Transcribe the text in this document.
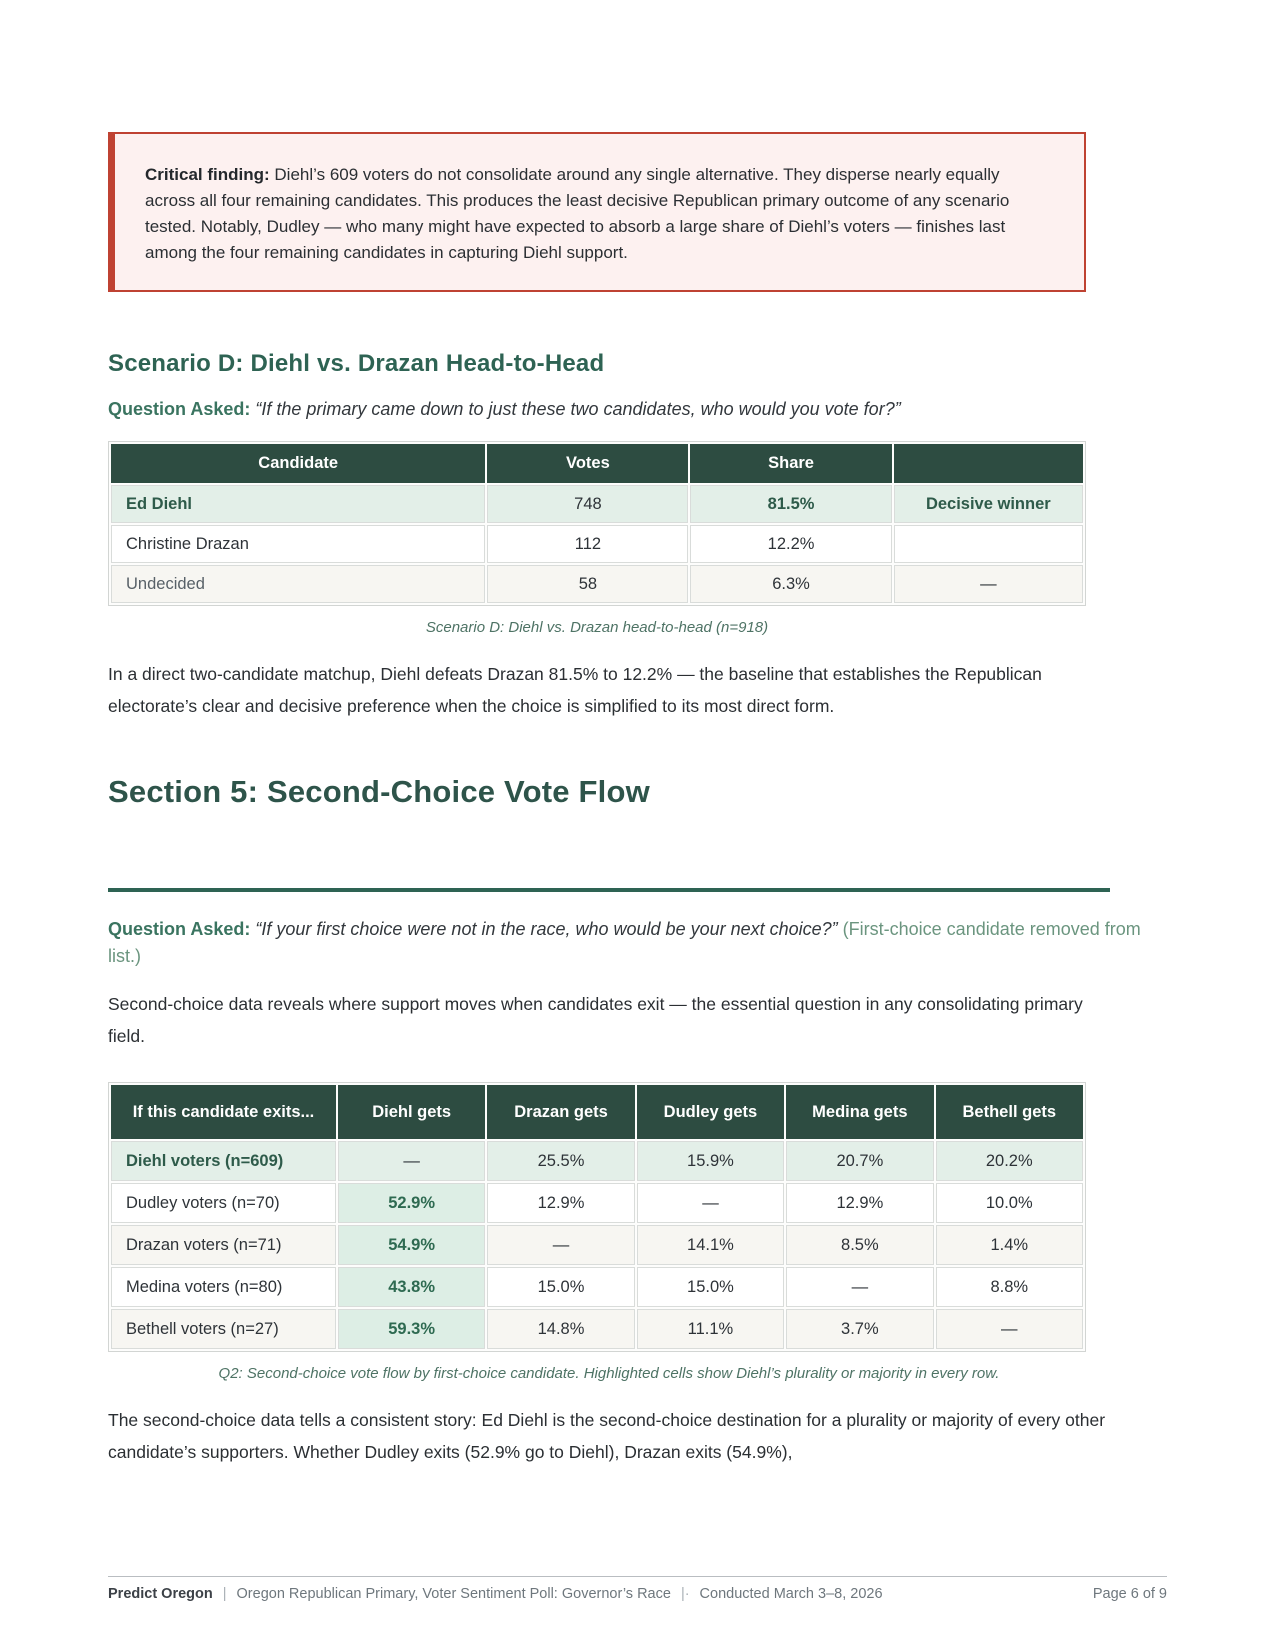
Critical finding: Diehl’s 609 voters do not consolidate around any single alternative. They disperse nearly equally across all four remaining candidates. This produces the least decisive Republican primary outcome of any scenario tested. Notably, Dudley — who many might have expected to absorb a large share of Diehl’s voters — finishes last among the four remaining candidates in capturing Diehl support.
Scenario D: Diehl vs. Drazan Head-to-Head
Question Asked: “If the primary came down to just these two candidates, who would you vote for?”
Candidate	Votes	Share	
Ed Diehl	748	81.5%	Decisive winner
Christine Drazan	112	12.2%	
Undecided	58	6.3%	—
Scenario D: Diehl vs. Drazan head-to-head (n=918)

In a direct two-candidate matchup, Diehl defeats Drazan 81.5% to 12.2% — the baseline that establishes the Republican electorate’s clear and decisive preference when the choice is simplified to its most direct form.

Section 5: Second-Choice Vote Flow
Question Asked: “If your first choice were not in the race, who would be your next choice?” (First-choice candidate removed from list.)

Second-choice data reveals where support moves when candidates exit — the essential question in any consolidating primary field.

If this candidate exits...	Diehl gets	Drazan gets	Dudley gets	Medina gets	Bethell gets
Diehl voters (n=609)	—	25.5%	15.9%	20.7%	20.2%
Dudley voters (n=70)	52.9%	12.9%	—	12.9%	10.0%
Drazan voters (n=71)	54.9%	—	14.1%	8.5%	1.4%
Medina voters (n=80)	43.8%	15.0%	15.0%	—	8.8%
Bethell voters (n=27)	59.3%	14.8%	11.1%	3.7%	—
Q2: Second-choice vote flow by first-choice candidate. Highlighted cells show Diehl’s plurality or majority in every row.

The second-choice data tells a consistent story: Ed Diehl is the second-choice destination for a plurality or majority of every other candidate’s supporters. Whether Dudley exits (52.9% go to Diehl), Drazan exits (54.9%),

Predict Oregon | Oregon Republican Primary, Voter Sentiment Poll: Governor’s Race |· Conducted March 3–8, 2026	Page 6 of 9
